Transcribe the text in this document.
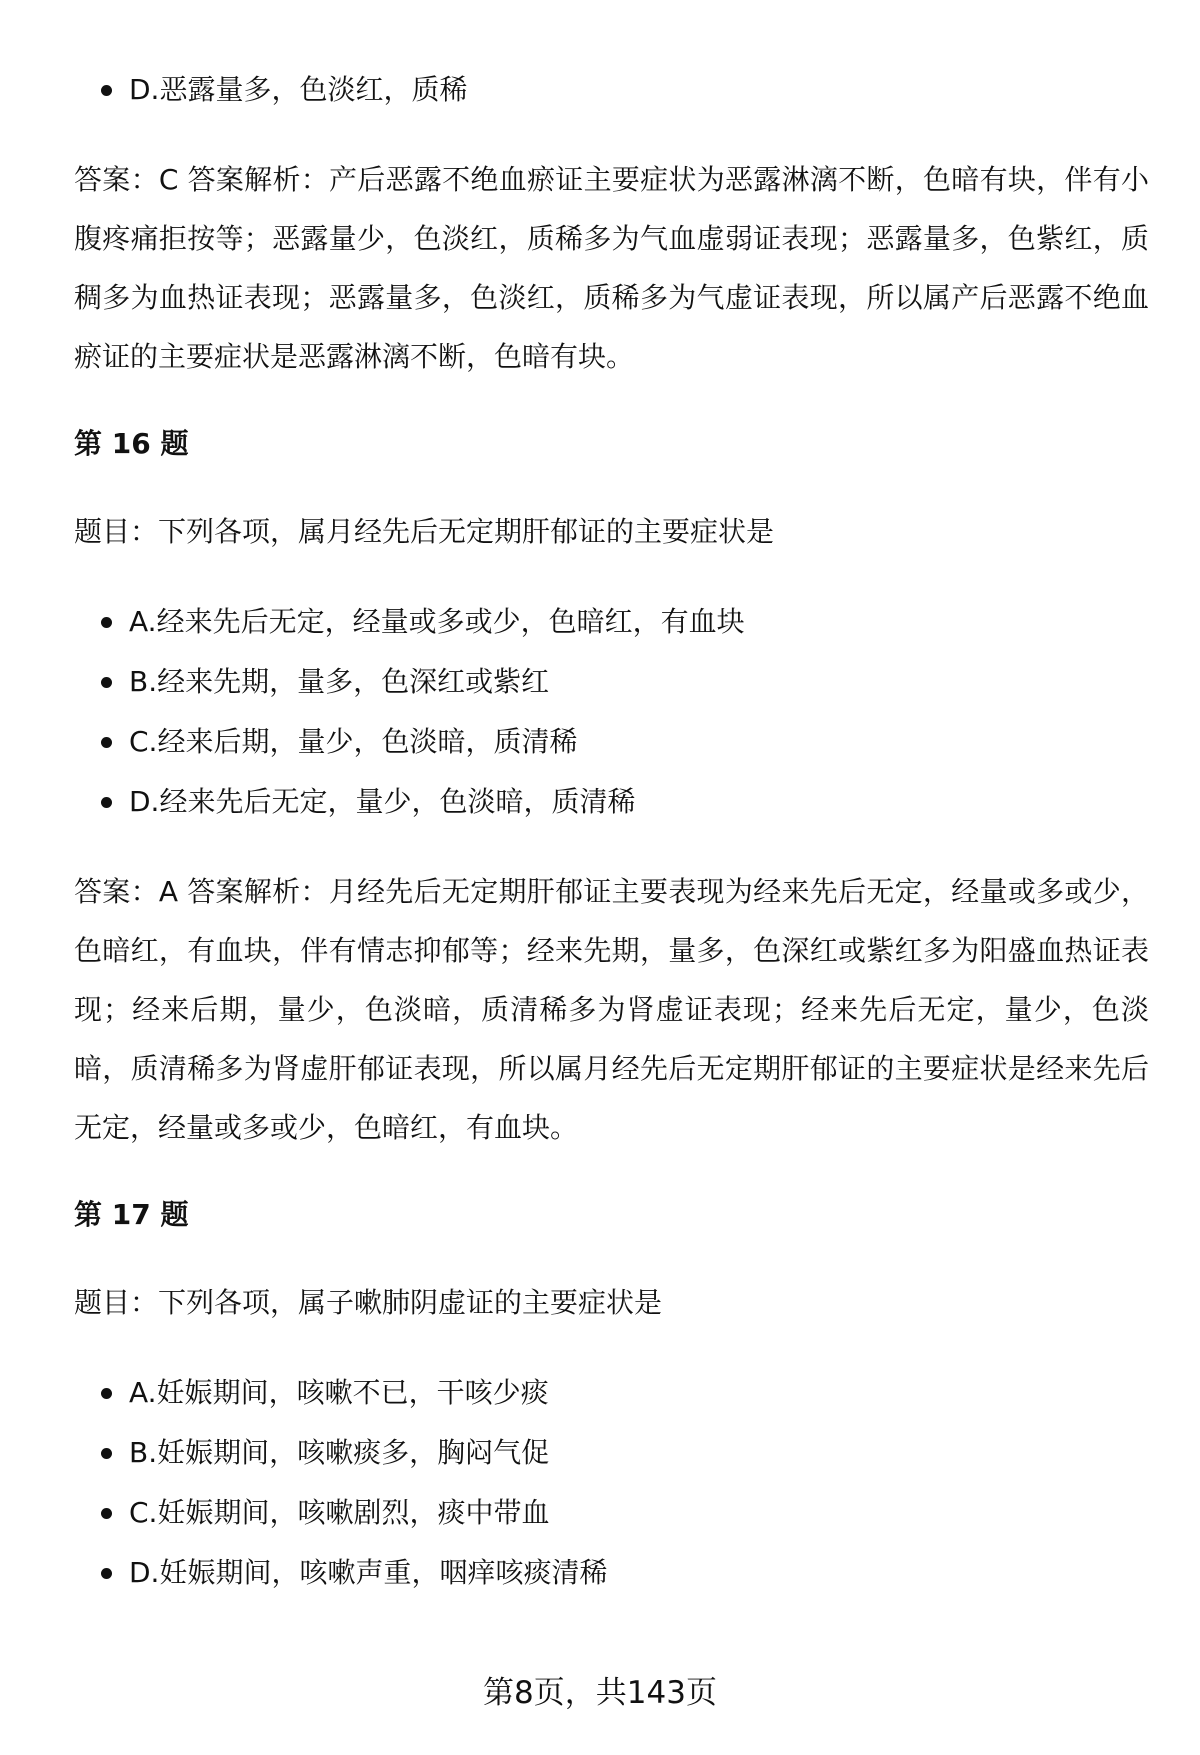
D.恶露量多，色淡红，质稀

答案：C 答案解析：产后恶露不绝血瘀证主要症状为恶露淋漓不断，色暗有块，伴有小腹疼痛拒按等；恶露量少，色淡红，质稀多为气血虚弱证表现；恶露量多，色紫红，质稠多为血热证表现；恶露量多，色淡红，质稀多为气虚证表现，所以属产后恶露不绝血瘀证的主要症状是恶露淋漓不断，色暗有块。

第 16 题

题目：下列各项，属月经先后无定期肝郁证的主要症状是

A.经来先后无定，经量或多或少，色暗红，有血块
B.经来先期，量多，色深红或紫红
C.经来后期，量少，色淡暗，质清稀
D.经来先后无定，量少，色淡暗，质清稀

答案：A 答案解析：月经先后无定期肝郁证主要表现为经来先后无定，经量或多或少，色暗红，有血块，伴有情志抑郁等；经来先期，量多，色深红或紫红多为阳盛血热证表现；经来后期，量少，色淡暗，质清稀多为肾虚证表现；经来先后无定，量少，色淡暗，质清稀多为肾虚肝郁证表现，所以属月经先后无定期肝郁证的主要症状是经来先后无定，经量或多或少，色暗红，有血块。

第 17 题

题目：下列各项，属子嗽肺阴虚证的主要症状是

A.妊娠期间，咳嗽不已，干咳少痰
B.妊娠期间，咳嗽痰多，胸闷气促
C.妊娠期间，咳嗽剧烈，痰中带血
D.妊娠期间，咳嗽声重，咽痒咳痰清稀
第8页，共143页
